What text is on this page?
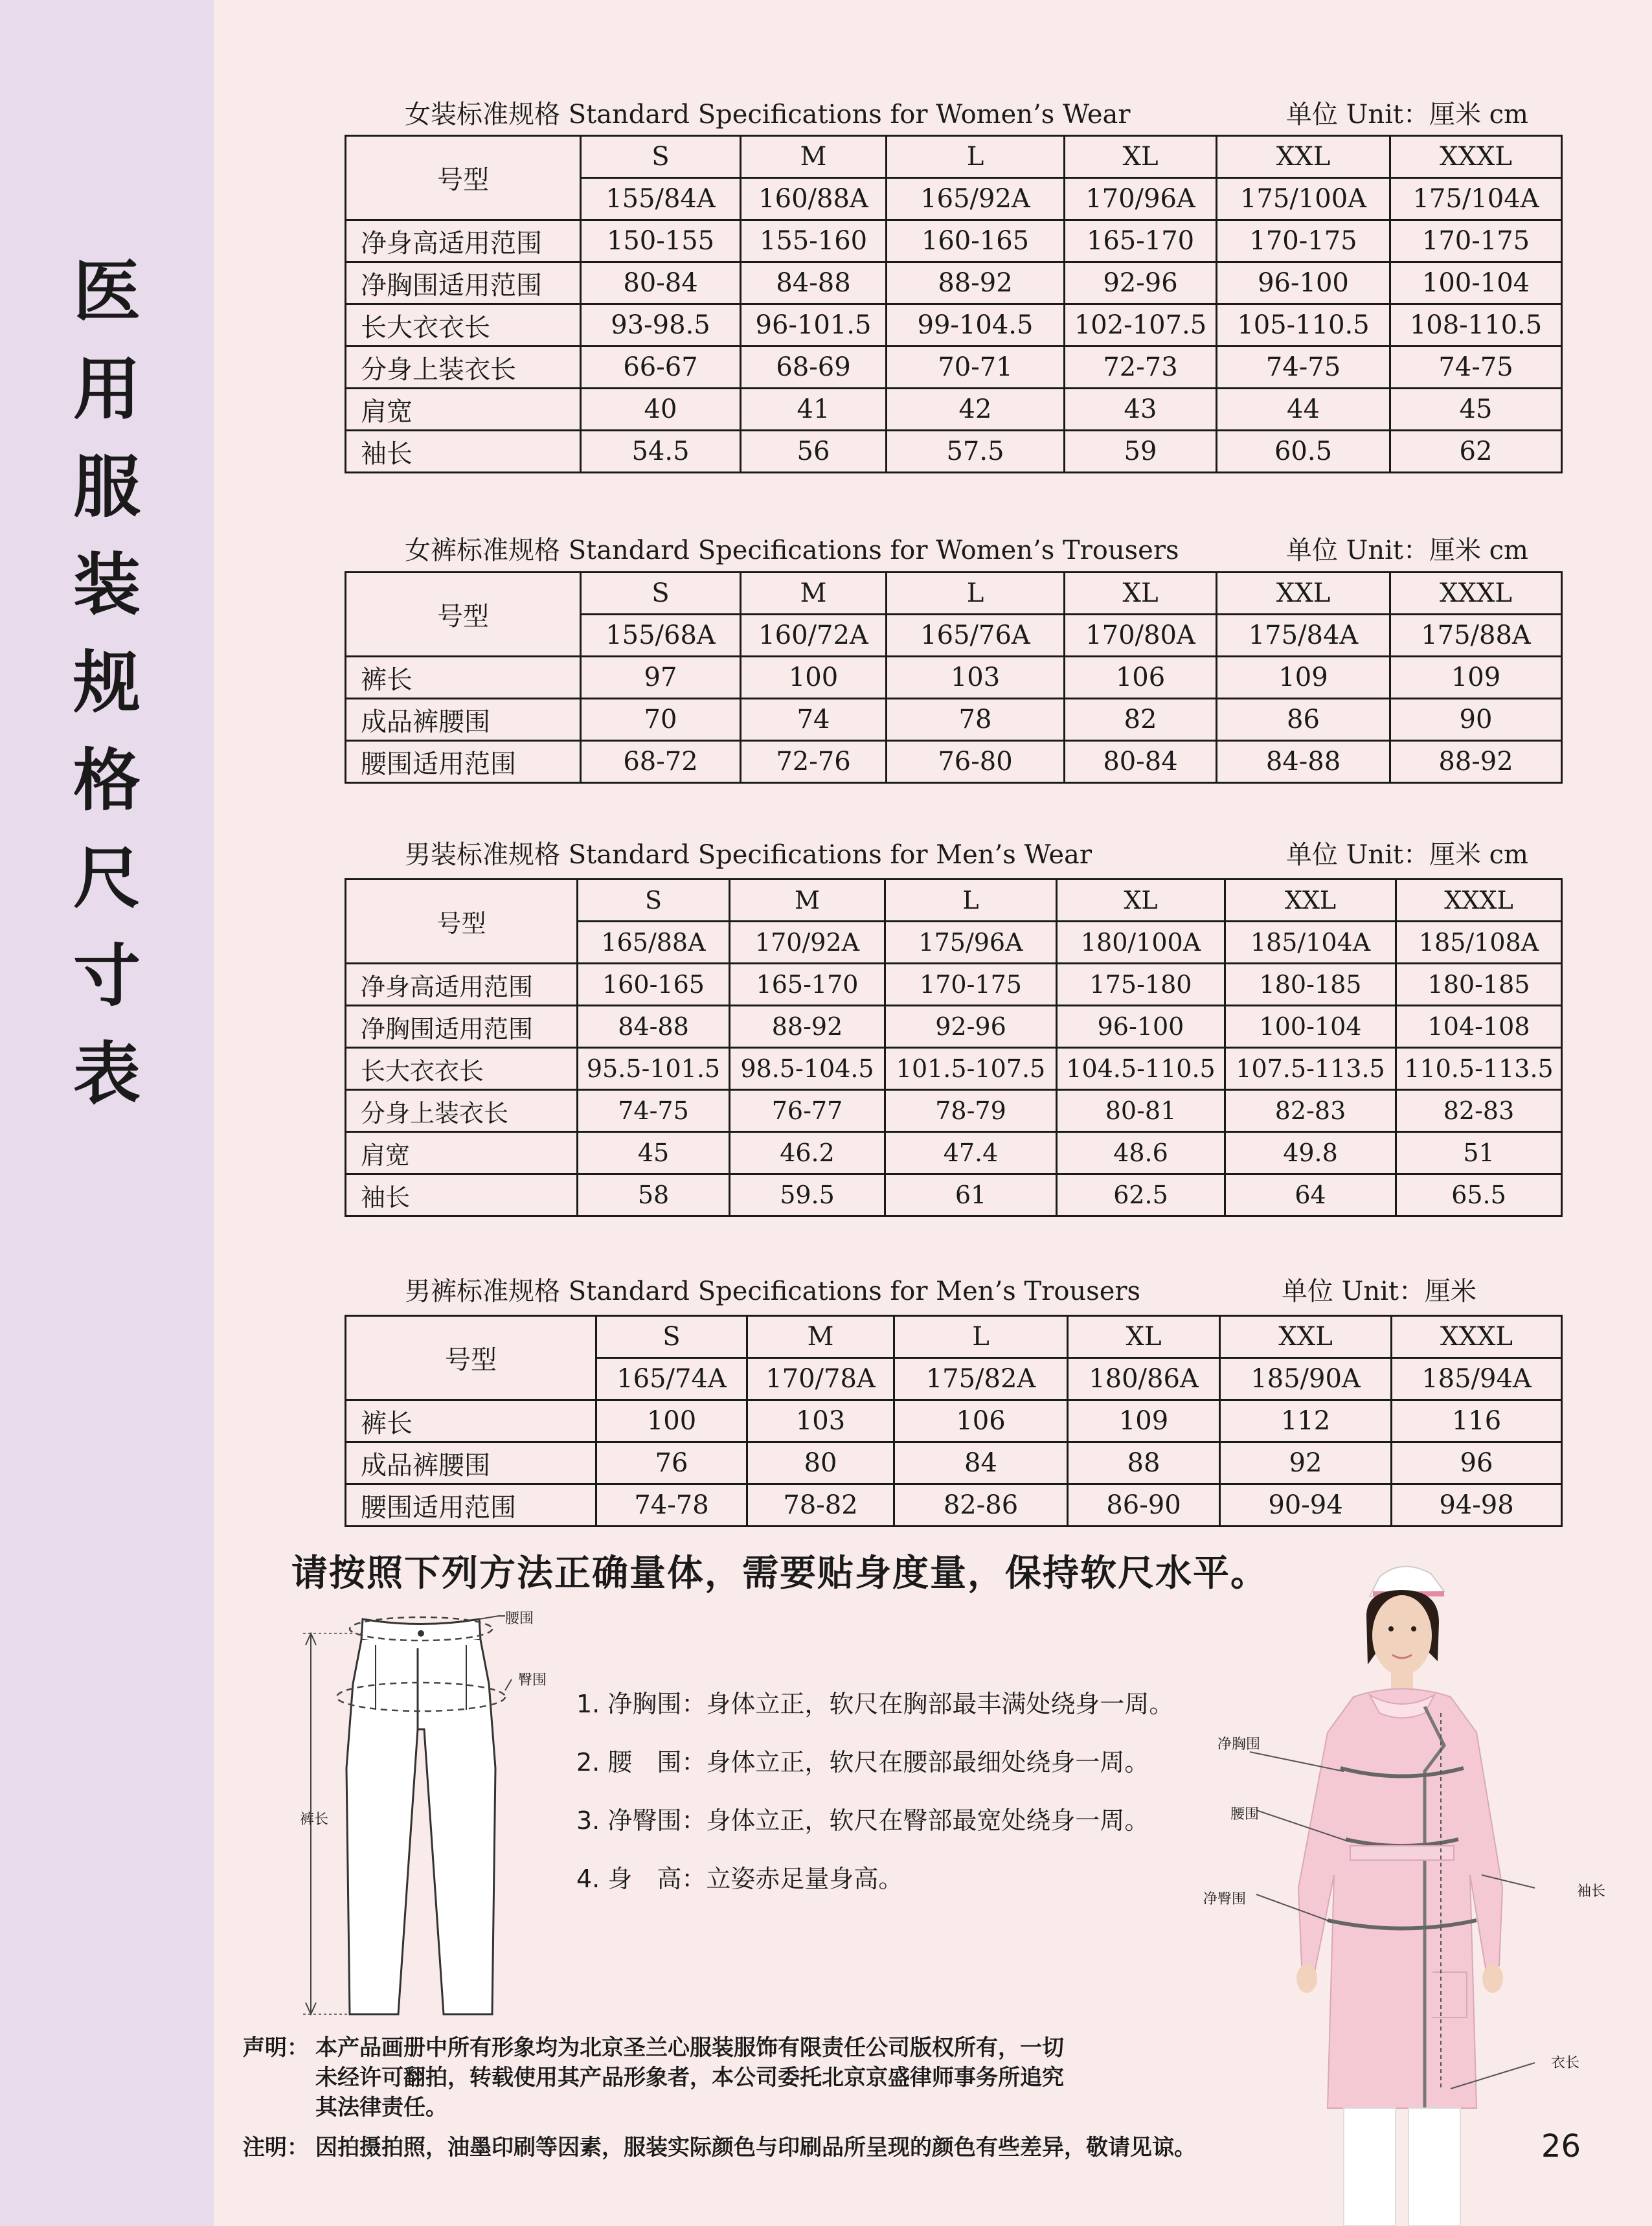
医
用
服
装
规
格
尺
寸
表
女装标准规格 Standard Specifications for Women’s Wear	单位 Unit：厘米 cm
号型	S	M	L	XL	XXL	XXXL
	155/84A	160/88A	165/92A	170/96A	175/100A	175/104A
净身高适用范围	150-155	155-160	160-165	165-170	170-175	170-175
净胸围适用范围	80-84	84-88	88-92	92-96	96-100	100-104
长大衣衣长	93-98.5	96-101.5	99-104.5	102-107.5	105-110.5	108-110.5
分身上装衣长	66-67	68-69	70-71	72-73	74-75	74-75
肩宽	40	41	42	43	44	45
袖长	54.5	56	57.5	59	60.5	62
女裤标准规格 Standard Specifications for Women’s Trousers	单位 Unit：厘米 cm
号型	S	M	L	XL	XXL	XXXL
	155/68A	160/72A	165/76A	170/80A	175/84A	175/88A
裤长	97	100	103	106	109	109
成品裤腰围	70	74	78	82	86	90
腰围适用范围	68-72	72-76	76-80	80-84	84-88	88-92
男装标准规格 Standard Specifications for Men’s Wear	单位 Unit：厘米 cm
号型	S	M	L	XL	XXL	XXXL
	165/88A	170/92A	175/96A	180/100A	185/104A	185/108A
净身高适用范围	160-165	165-170	170-175	175-180	180-185	180-185
净胸围适用范围	84-88	88-92	92-96	96-100	100-104	104-108
长大衣衣长	95.5-101.5	98.5-104.5	101.5-107.5	104.5-110.5	107.5-113.5	110.5-113.5
分身上装衣长	74-75	76-77	78-79	80-81	82-83	82-83
肩宽	45	46.2	47.4	48.6	49.8	51
袖长	58	59.5	61	62.5	64	65.5
男裤标准规格 Standard Specifications for Men’s Trousers	单位 Unit：厘米
号型	S	M	L	XL	XXL	XXXL
	165/74A	170/78A	175/82A	180/86A	185/90A	185/94A
裤长	100	103	106	109	112	116
成品裤腰围	76	80	84	88	92	96
腰围适用范围	74-78	78-82	82-86	86-90	90-94	94-98
请按照下列方法正确量体，需要贴身度量，保持软尺水平。
腰围
臀围
裤长
1. 净胸围：身体立正，软尺在胸部最丰满处绕身一周。
2. 腰　围：身体立正，软尺在腰部最细处绕身一周。
3. 净臀围：身体立正，软尺在臀部最宽处绕身一周。
4. 身　高：立姿赤足量身高。
净胸围
腰围
净臀围	袖长
衣长
声明： 本产品画册中所有形象均为北京圣兰心服装服饰有限责任公司版权所有，一切
未经许可翻拍，转载使用其产品形象者，本公司委托北京京盛律师事务所追究
其法律责任。
注明： 因拍摄拍照，油墨印刷等因素，服装实际颜色与印刷品所呈现的颜色有些差异，敬请见谅。	26
